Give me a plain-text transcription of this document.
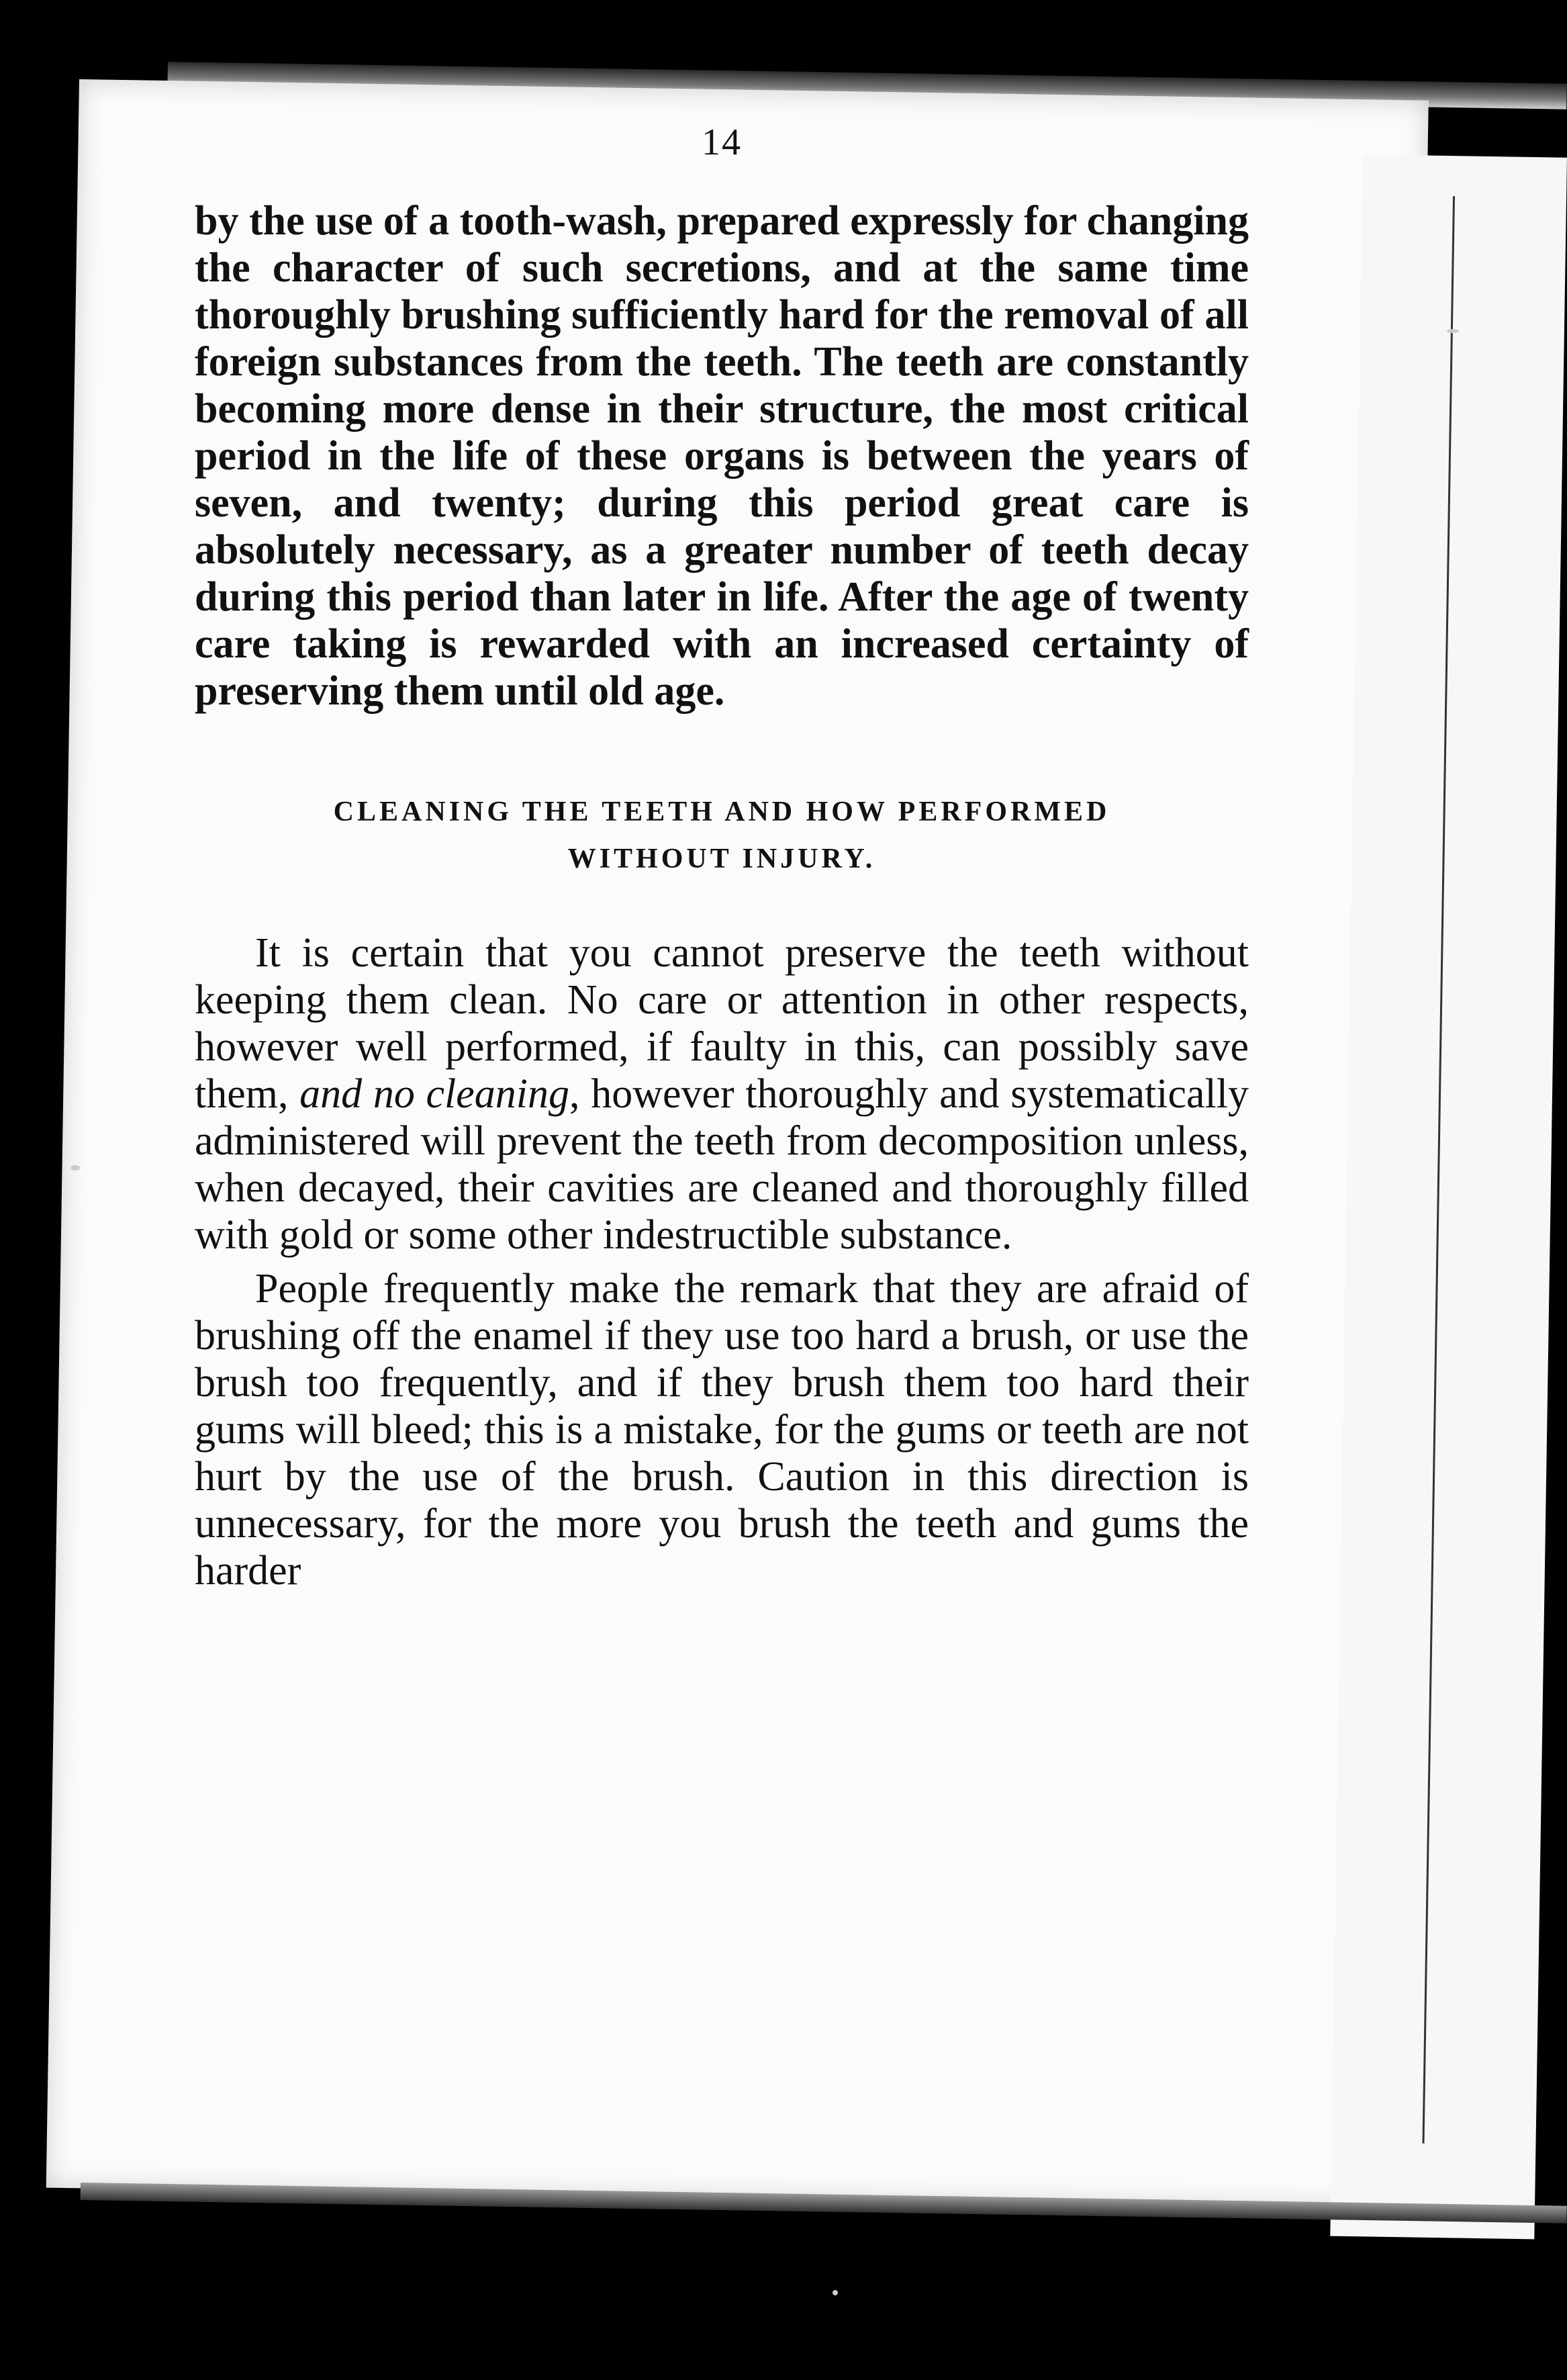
14

by the use of a tooth-wash, prepared expressly for changing the character of such secretions, and at the same time thoroughly brushing sufficiently hard for the removal of all foreign substances from the teeth. The teeth are constantly becoming more dense in their structure, the most critical period in the life of these organs is between the years of seven, and twenty; during this period great care is absolutely necessary, as a greater number of teeth decay during this period than later in life. After the age of twenty care taking is rewarded with an increased certainty of preserving them until old age.

CLEANING THE TEETH AND HOW PERFORMED
WITHOUT INJURY.

It is certain that you cannot preserve the teeth without keeping them clean. No care or attention in other respects, however well performed, if faulty in this, can possibly save them, and no cleaning, however thoroughly and systematically administered will prevent the teeth from decomposition unless, when decayed, their cavities are cleaned and thoroughly filled with gold or some other indestructible substance.

People frequently make the remark that they are afraid of brushing off the enamel if they use too hard a brush, or use the brush too frequently, and if they brush them too hard their gums will bleed; this is a mistake, for the gums or teeth are not hurt by the use of the brush. Caution in this direction is unnecessary, for the more you brush the teeth and gums the harder
